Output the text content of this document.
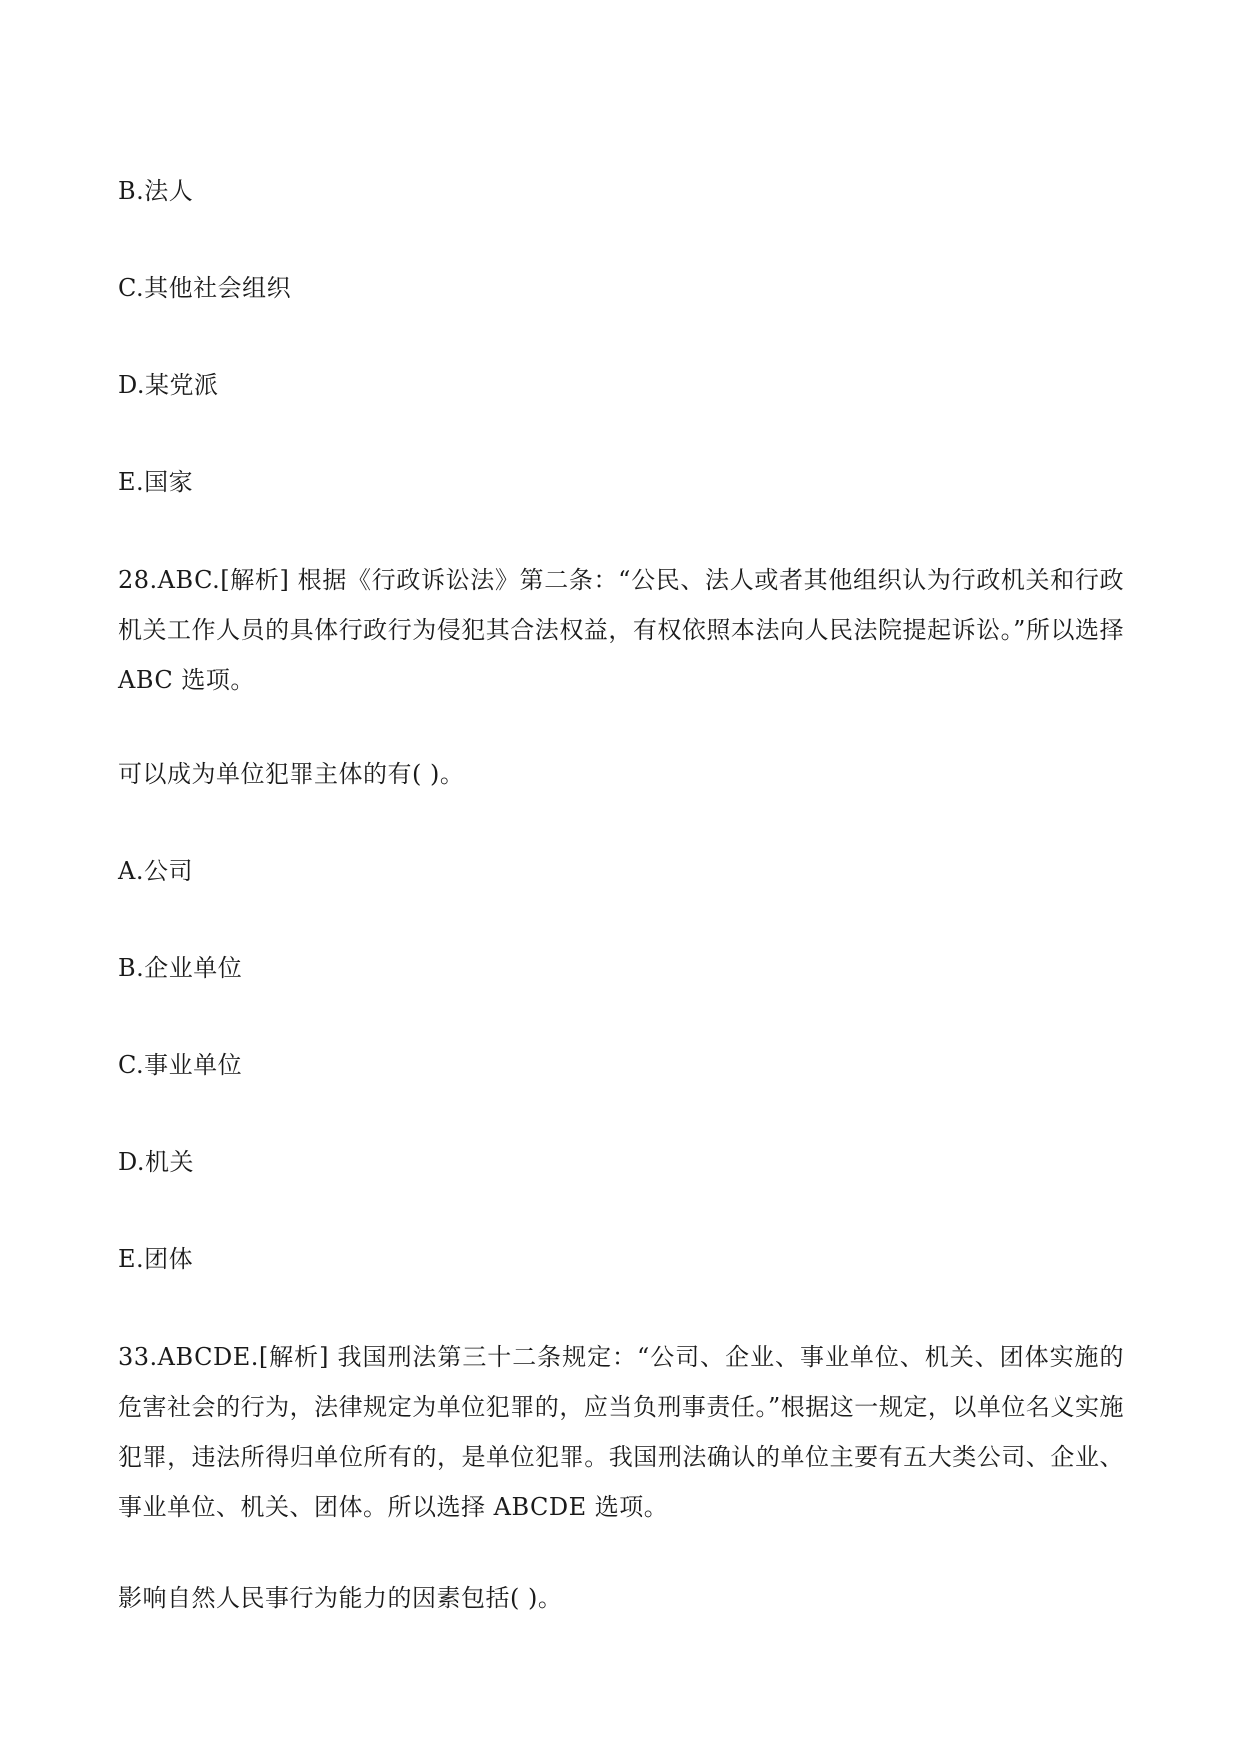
B.法人
C.其他社会组织
D.某党派
E.国家
28.ABC.[解析] 根据《行政诉讼法》第二条：“公民、法人或者其他组织认为行政机关和行政机关工作人员的具体行政行为侵犯其合法权益，有权依照本法向人民法院提起诉讼。”所以选择 ABC 选项。
可以成为单位犯罪主体的有( )。
A.公司
B.企业单位
C.事业单位
D.机关
E.团体
33.ABCDE.[解析] 我国刑法第三十二条规定：“公司、企业、事业单位、机关、团体实施的危害社会的行为，法律规定为单位犯罪的，应当负刑事责任。”根据这一规定，以单位名义实施犯罪，违法所得归单位所有的，是单位犯罪。我国刑法确认的单位主要有五大类公司、企业、事业单位、机关、团体。所以选择 ABCDE 选项。
影响自然人民事行为能力的因素包括( )。
